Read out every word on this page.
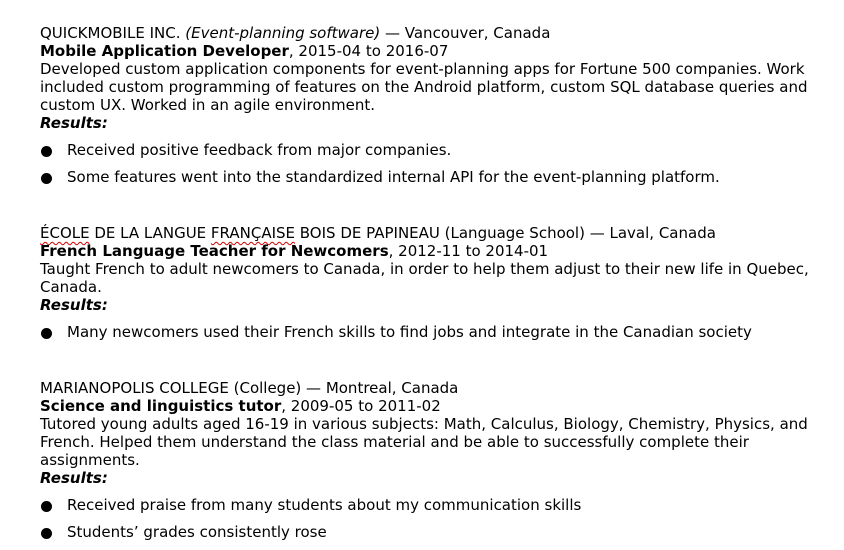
QUICKMOBILE INC. (Event-planning software) — Vancouver, Canada

Mobile Application Developer, 2015-04 to 2016-07

Developed custom application components for event-planning apps for Fortune 500 companies. Work included custom programming of features on the Android platform, custom SQL database queries and custom UX. Worked in an agile environment.

Results:

Received positive feedback from major companies.
Some features went into the standardized internal API for the event-planning platform.

ÉCOLE DE LA LANGUE FRANÇAISE BOIS DE PAPINEAU (Language School) — Laval, Canada

French Language Teacher for Newcomers, 2012-11 to 2014-01

Taught French to adult newcomers to Canada, in order to help them adjust to their new life in Quebec, Canada.

Results:

Many newcomers used their French skills to find jobs and integrate in the Canadian society

MARIANOPOLIS COLLEGE (College) — Montreal, Canada

Science and linguistics tutor, 2009-05 to 2011-02

Tutored young adults aged 16-19 in various subjects: Math, Calculus, Biology, Chemistry, Physics, and French. Helped them understand the class material and be able to successfully complete their assignments.

Results:

Received praise from many students about my communication skills
Students’ grades consistently rose
